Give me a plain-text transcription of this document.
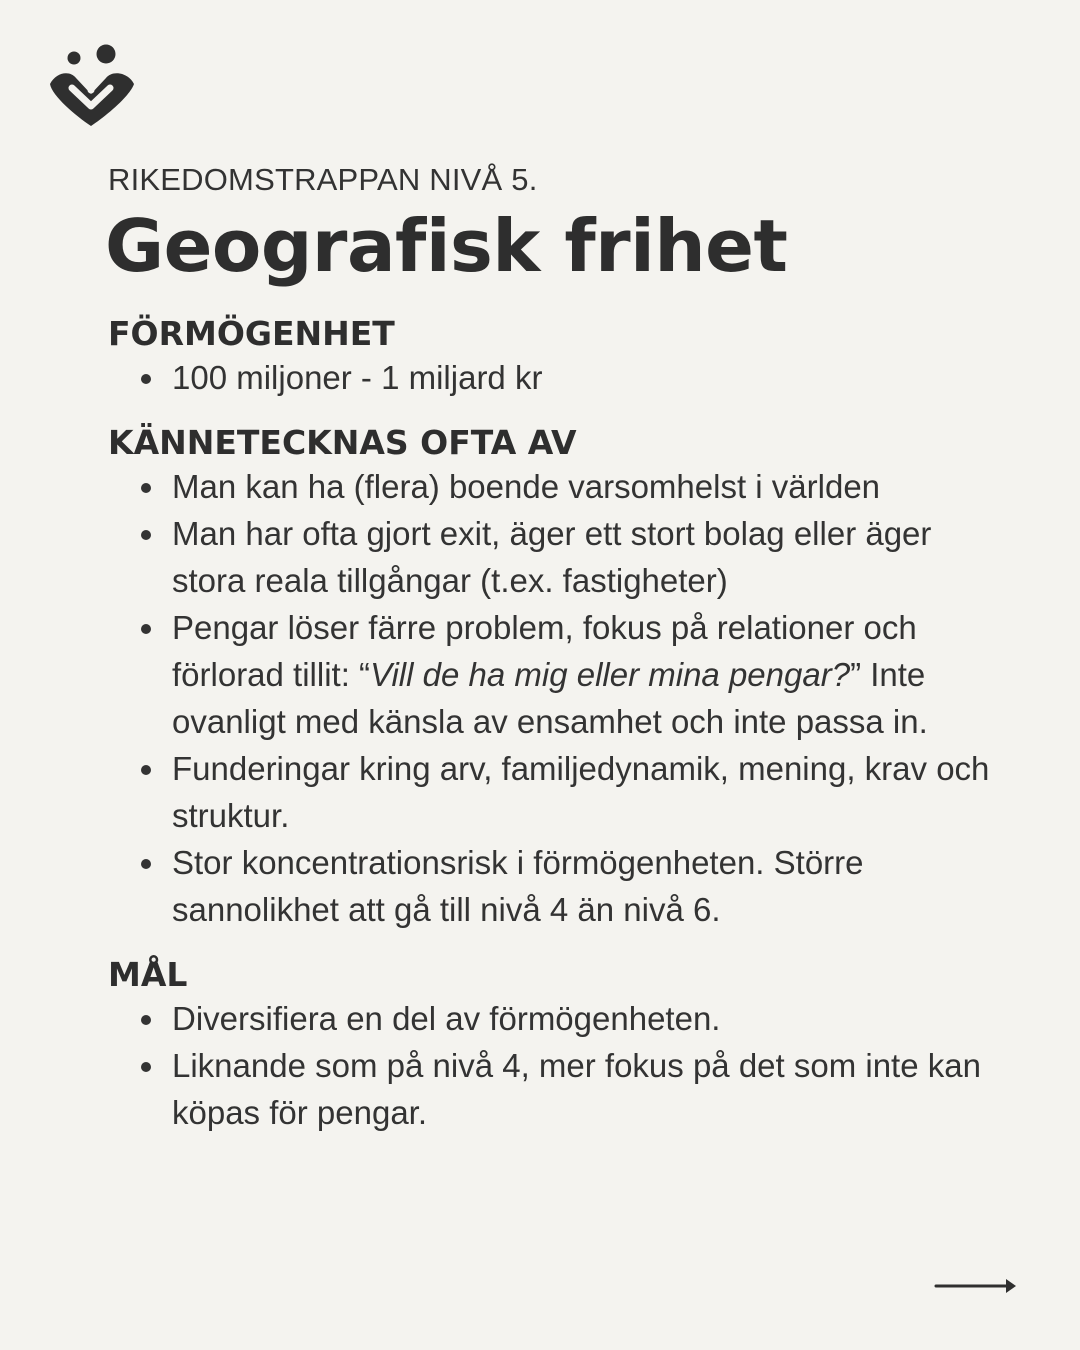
RIKEDOMSTRAPPAN NIVÅ 5.

Geografisk frihet
FÖRMÖGENHET
100 miljoner - 1 miljard kr
KÄNNETECKNAS OFTA AV
Man kan ha (flera) boende varsomhelst i världen
Man har ofta gjort exit, äger ett stort bolag eller äger stora reala tillgångar (t.ex. fastigheter)
Pengar löser färre problem, fokus på relationer och förlorad tillit: “Vill de ha mig eller mina pengar?” Inte ovanligt med känsla av ensamhet och inte passa in.
Funderingar kring arv, familjedynamik, mening, krav och struktur.
Stor koncentrationsrisk i förmögenheten. Större sannolikhet att gå till nivå 4 än nivå 6.
MÅL
Diversifiera en del av förmögenheten.
Liknande som på nivå 4, mer fokus på det som inte kan köpas för pengar.
